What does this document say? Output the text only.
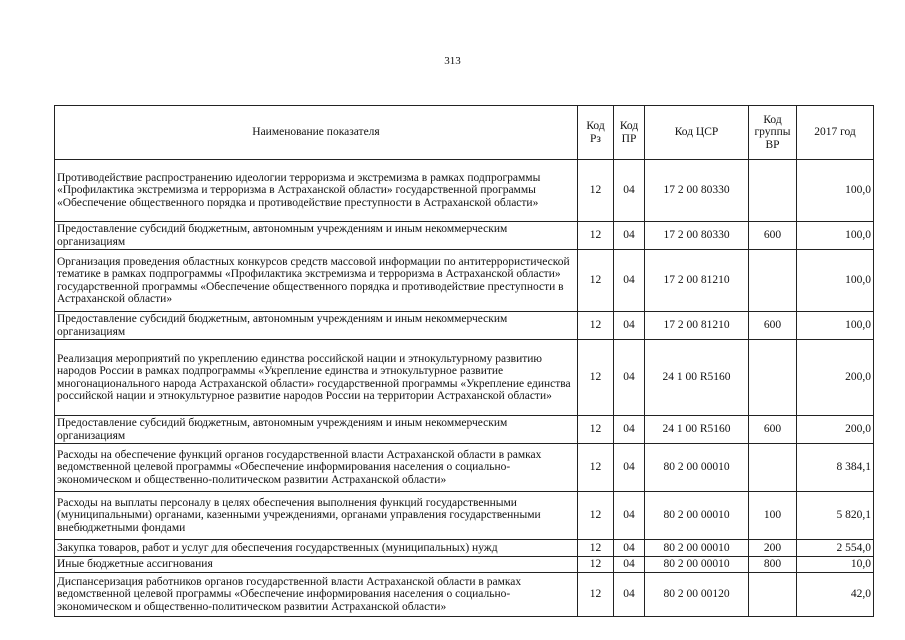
313
Наименование показателя	Код Рз	Код ПР	Код ЦСР	Код группы ВР	2017 год
Противодействие распространению идеологии терроризма и экстремизма в рамках подпрограммы «Профилактика экстремизма и терроризма в Астраханской области» государственной программы «Обеспечение общественного порядка и противодействие преступности в Астраханской области»	12	04	17 2 00 80330		100,0
Предоставление субсидий бюджетным, автономным учреждениям и иным некоммерческим организациям	12	04	17 2 00 80330	600	100,0
Организация проведения областных конкурсов средств массовой информации по антитеррористической тематике в рамках подпрограммы «Профилактика экстремизма и терроризма в Астраханской области» государственной программы «Обеспечение общественного порядка и противодействие преступности в Астраханской области»	12	04	17 2 00 81210		100,0
Предоставление субсидий бюджетным, автономным учреждениям и иным некоммерческим организациям	12	04	17 2 00 81210	600	100,0
Реализация мероприятий по укреплению единства российской нации и этнокультурному развитию народов России в рамках подпрограммы «Укрепление единства и этнокультурное развитие многонационального народа Астраханской области» государственной программы «Укрепление единства российской нации и этнокультурное развитие народов России на территории Астраханской области»	12	04	24 1 00 R5160		200,0
Предоставление субсидий бюджетным, автономным учреждениям и иным некоммерческим организациям	12	04	24 1 00 R5160	600	200,0
Расходы на обеспечение функций органов государственной власти Астраханской области в рамках ведомственной целевой программы «Обеспечение информирования населения о социально-экономическом и общественно-политическом развитии Астраханской области»	12	04	80 2 00 00010		8 384,1
Расходы на выплаты персоналу в целях обеспечения выполнения функций государственными (муниципальными) органами, казенными учреждениями, органами управления государственными внебюджетными фондами	12	04	80 2 00 00010	100	5 820,1
Закупка товаров, работ и услуг для обеспечения государственных (муниципальных) нужд	12	04	80 2 00 00010	200	2 554,0
Иные бюджетные ассигнования	12	04	80 2 00 00010	800	10,0
Диспансеризация работников органов государственной власти Астраханской области в рамках ведомственной целевой программы «Обеспечение информирования населения о социально-экономическом и общественно-политическом развитии Астраханской области»	12	04	80 2 00 00120		42,0
